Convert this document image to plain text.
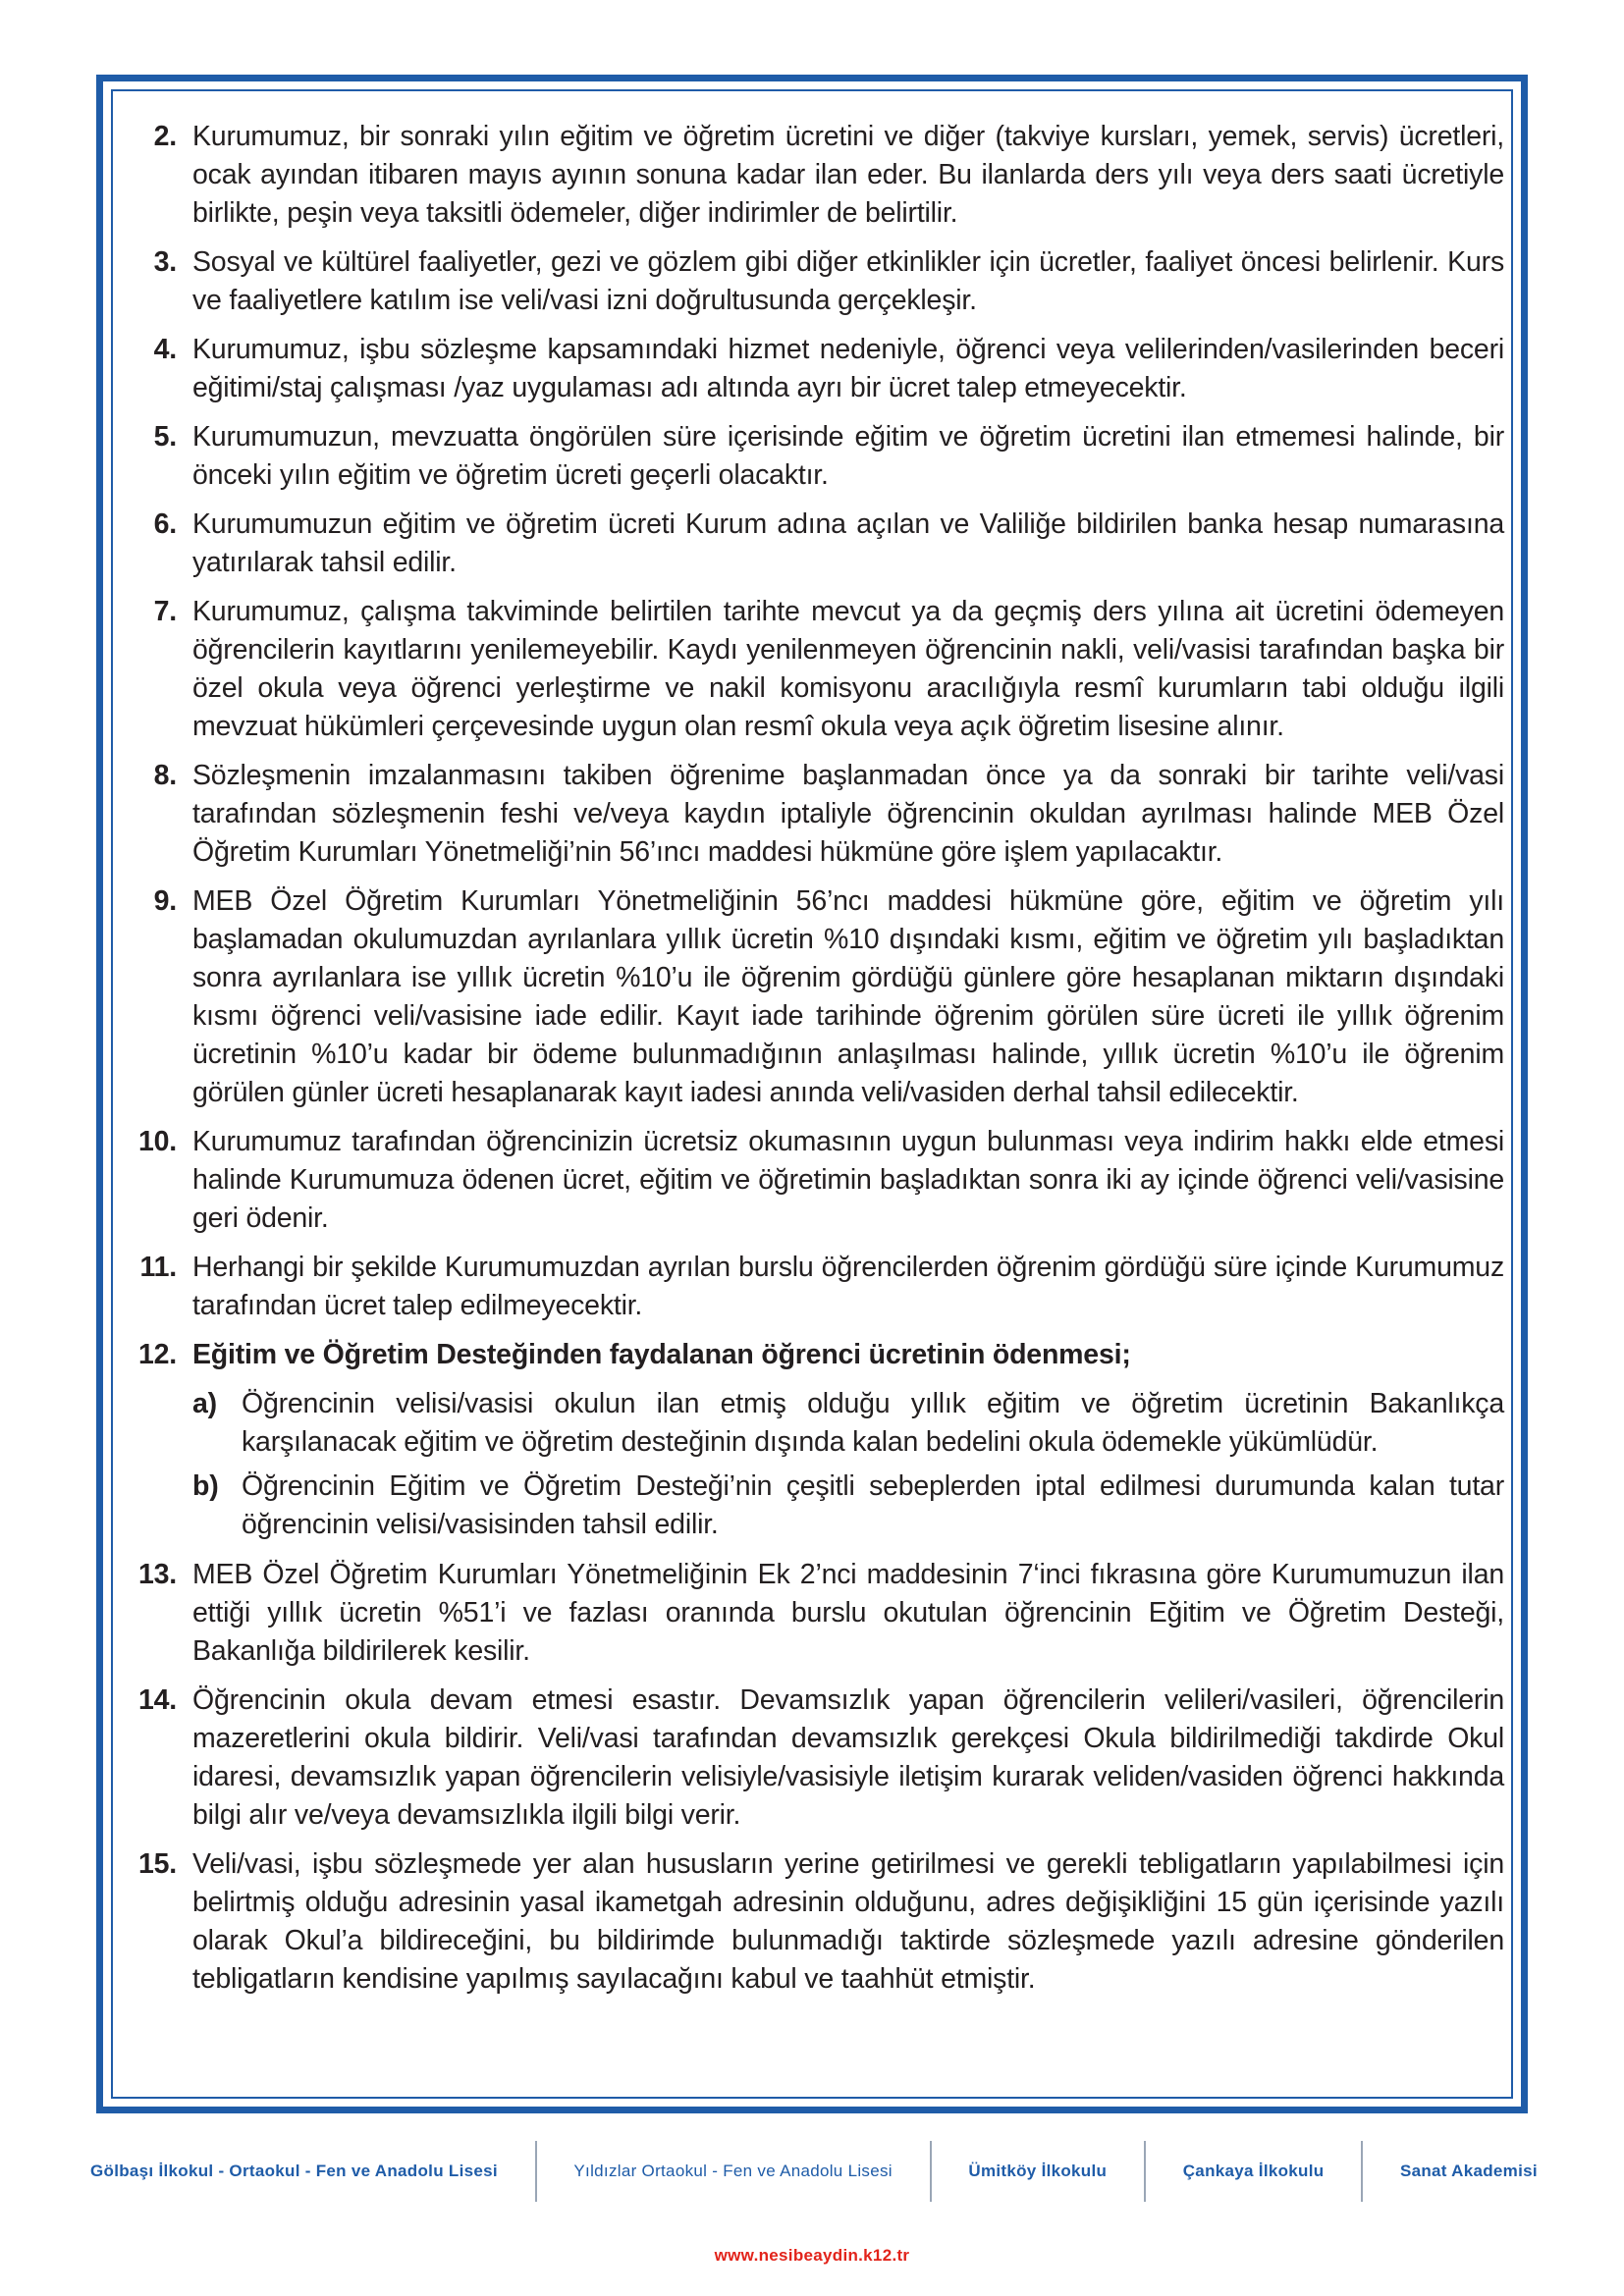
2. Kurumumuz, bir sonraki yılın eğitim ve öğretim ücretini ve diğer (takviye kursları, yemek, servis) ücretleri, ocak ayından itibaren mayıs ayının sonuna kadar ilan eder. Bu ilanlarda ders yılı veya ders saati ücretiyle birlikte, peşin veya taksitli ödemeler, diğer indirimler de belirtilir.
3. Sosyal ve kültürel faaliyetler, gezi ve gözlem gibi diğer etkinlikler için ücretler, faaliyet öncesi belirlenir. Kurs ve faaliyetlere katılım ise veli/vasi izni doğrultusunda gerçekleşir.
4. Kurumumuz, işbu sözleşme kapsamındaki hizmet nedeniyle, öğrenci veya velilerinden/vasilerinden beceri eğitimi/staj çalışması /yaz uygulaması adı altında ayrı bir ücret talep etmeyecektir.
5. Kurumumuzun, mevzuatta öngörülen süre içerisinde eğitim ve öğretim ücretini ilan etmemesi halinde, bir önceki yılın eğitim ve öğretim ücreti geçerli olacaktır.
6. Kurumumuzun eğitim ve öğretim ücreti Kurum adına açılan ve Valiliğe bildirilen banka hesap numarasına yatırılarak tahsil edilir.
7. Kurumumuz, çalışma takviminde belirtilen tarihte mevcut ya da geçmiş ders yılına ait ücretini ödemeyen öğrencilerin kayıtlarını yenilemeyebilir. Kaydı yenilenmeyen öğrencinin nakli, veli/vasisi tarafından başka bir özel okula veya öğrenci yerleştirme ve nakil komisyonu aracılığıyla resmî kurumların tabi olduğu ilgili mevzuat hükümleri çerçevesinde uygun olan resmî okula veya açık öğretim lisesine alınır.
8. Sözleşmenin imzalanmasını takiben öğrenime başlanmadan önce ya da sonraki bir tarihte veli/vasi tarafından sözleşmenin feshi ve/veya kaydın iptaliyle öğrencinin okuldan ayrılması halinde MEB Özel Öğretim Kurumları Yönetmeliği’nin 56’ıncı maddesi hükmüne göre işlem yapılacaktır.
9. MEB Özel Öğretim Kurumları Yönetmeliğinin 56’ncı maddesi hükmüne göre, eğitim ve öğretim yılı başlamadan okulumuzdan ayrılanlara yıllık ücretin %10 dışındaki kısmı, eğitim ve öğretim yılı başladıktan sonra ayrılanlara ise yıllık ücretin %10’u ile öğrenim gördüğü günlere göre hesaplanan miktarın dışındaki kısmı öğrenci veli/vasisine iade edilir. Kayıt iade tarihinde öğrenim görülen süre ücreti ile yıllık öğrenim ücretinin %10’u kadar bir ödeme bulunmadığının anlaşılması halinde, yıllık ücretin %10’u ile öğrenim görülen günler ücreti hesaplanarak kayıt iadesi anında veli/vasiden derhal tahsil edilecektir.
10. Kurumumuz tarafından öğrencinizin ücretsiz okumasının uygun bulunması veya indirim hakkı elde etmesi halinde Kurumumuza ödenen ücret, eğitim ve öğretimin başladıktan sonra iki ay içinde öğrenci veli/vasisine geri ödenir.
11. Herhangi bir şekilde Kurumumuzdan ayrılan burslu öğrencilerden öğrenim gördüğü süre içinde Kurumumuz tarafından ücret talep edilmeyecektir.
12. Eğitim ve Öğretim Desteğinden faydalanan öğrenci ücretinin ödenmesi;
a) Öğrencinin velisi/vasisi okulun ilan etmiş olduğu yıllık eğitim ve öğretim ücretinin Bakanlıkça karşılanacak eğitim ve öğretim desteğinin dışında kalan bedelini okula ödemekle yükümlüdür.
b) Öğrencinin Eğitim ve Öğretim Desteği’nin çeşitli sebeplerden iptal edilmesi durumunda kalan tutar öğrencinin velisi/vasisinden tahsil edilir.
13. MEB Özel Öğretim Kurumları Yönetmeliğinin Ek 2’nci maddesinin 7‘inci fıkrasına göre Kurumumuzun ilan ettiği yıllık ücretin %51’i ve fazlası oranında burslu okutulan öğrencinin Eğitim ve Öğretim Desteği, Bakanlığa bildirilerek kesilir.
14. Öğrencinin okula devam etmesi esastır. Devamsızlık yapan öğrencilerin velileri/vasileri, öğrencilerin mazeretlerini okula bildirir. Veli/vasi tarafından devamsızlık gerekçesi Okula bildirilmediği takdirde Okul idaresi, devamsızlık yapan öğrencilerin velisiyle/vasisiyle iletişim kurarak veliden/vasiden öğrenci hakkında bilgi alır ve/veya devamsızlıkla ilgili bilgi verir.
15. Veli/vasi, işbu sözleşmede yer alan hususların yerine getirilmesi ve gerekli tebligatların yapılabilmesi için belirtmiş olduğu adresinin yasal ikametgah adresinin olduğunu, adres değişikliğini 15 gün içerisinde yazılı olarak Okul’a bildireceğini, bu bildirimde bulunmadığı taktirde sözleşmede yazılı adresine gönderilen tebligatların kendisine yapılmış sayılacağını kabul ve taahhüt etmiştir.
Gölbaşı İlkokul - Ortaokul - Fen ve Anadolu Lisesi	Yıldızlar Ortaokul - Fen ve Anadolu Lisesi	Ümitköy İlkokulu	Çankaya İlkokulu	Sanat Akademisi
www.nesibeaydin.k12.tr
